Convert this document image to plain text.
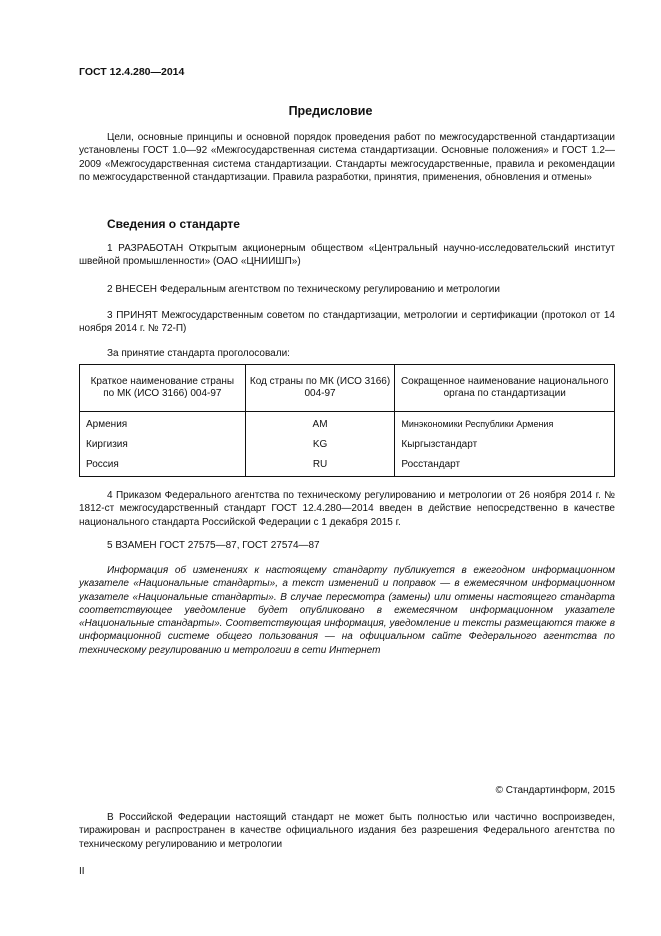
ГОСТ 12.4.280—2014
Предисловие
Цели, основные принципы и основной порядок проведения работ по межгосударственной стандартизации установлены ГОСТ 1.0—92 «Межгосударственная система стандартизации. Основные положения» и ГОСТ 1.2—2009 «Межгосударственная система стандартизации. Стандарты межгосударственные, правила и рекомендации по межгосударственной стандартизации. Правила разработки, принятия, применения, обновления и отмены»
Сведения о стандарте
1 РАЗРАБОТАН Открытым акционерным обществом «Центральный научно-исследовательский институт швейной промышленности» (ОАО «ЦНИИШП»)
2 ВНЕСЕН Федеральным агентством по техническому регулированию и метрологии
3 ПРИНЯТ Межгосударственным советом по стандартизации, метрологии и сертификации (протокол от 14 ноября 2014 г. № 72-П)
За принятие стандарта проголосовали:
Краткое наименование страны по МК (ИСО 3166) 004-97	Код страны по МК (ИСО 3166) 004-97	Сокращенное наименование национального органа по стандартизации
Армения	AM	Минэкономики Республики Армения
Киргизия	KG	Кыргызстандарт
Россия	RU	Росстандарт
4 Приказом Федерального агентства по техническому регулированию и метрологии от 26 ноября 2014 г. № 1812-ст межгосударственный стандарт ГОСТ 12.4.280—2014 введен в действие непосредственно в качестве национального стандарта Российской Федерации с 1 декабря 2015 г.
5 ВЗАМЕН ГОСТ 27575—87, ГОСТ 27574—87
Информация об изменениях к настоящему стандарту публикуется в ежегодном информационном указателе «Национальные стандарты», а текст изменений и поправок — в ежемесячном информационном указателе «Национальные стандарты». В случае пересмотра (замены) или отмены настоящего стандарта соответствующее уведомление будет опубликовано в ежемесячном информационном указателе «Национальные стандарты». Соответствующая информация, уведомление и тексты размещаются также в информационной системе общего пользования — на официальном сайте Федерального агентства по техническому регулированию и метрологии в сети Интернет
© Стандартинформ, 2015
В Российской Федерации настоящий стандарт не может быть полностью или частично воспроизведен, тиражирован и распространен в качестве официального издания без разрешения Федерального агентства по техническому регулированию и метрологии
II
